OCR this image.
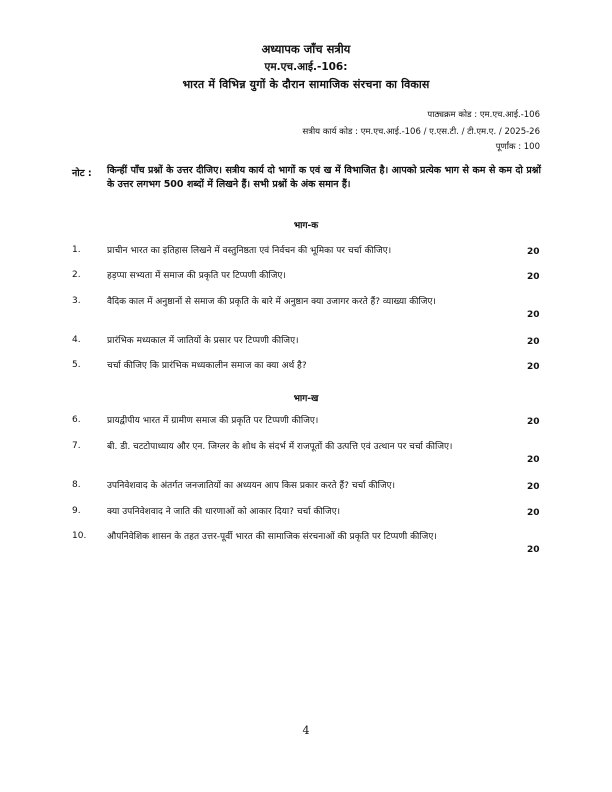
अध्यापक जाँच सत्रीय
एम.एच.आई.-106:
भारत में विभिन्न युगों के दौरान सामाजिक संरचना का विकास
पाठ्यक्रम कोड : एम.एच.आई.-106
सत्रीय कार्य कोड : एम.एच.आई.-106 / ए.एस.टी. / टी.एम.ए. / 2025-26
पूर्णांक : 100
नोट : किन्हीं पाँच प्रश्नों के उत्तर दीजिए। सत्रीय कार्य दो भागों क एवं ख में विभाजित है। आपको प्रत्येक भाग से कम से कम दो प्रश्नों के उत्तर लगभग 500 शब्दों में लिखने हैं। सभी प्रश्नों के अंक समान हैं।
भाग-क
1.	प्राचीन भारत का इतिहास लिखने में वस्तुनिष्ठता एवं निर्वचन की भूमिका पर चर्चा कीजिए।	20
2.	हड़प्पा सभ्यता में समाज की प्रकृति पर टिप्पणी कीजिए।	20
3.	वैदिक काल में अनुष्ठानों से समाज की प्रकृति के बारे में अनुष्ठान क्या उजागर करते हैं? व्याख्या कीजिए।
20
4.	प्रारंभिक मध्यकाल में जातियों के प्रसार पर टिप्पणी कीजिए।	20
5.	चर्चा कीजिए कि प्रारंभिक मध्यकालीन समाज का क्या अर्थ है?	20
भाग-ख
6.	प्रायद्वीपीय भारत में ग्रामीण समाज की प्रकृति पर टिप्पणी कीजिए।	20
7.	बी. डी. चटटोपाध्याय और एन. जिग्लर के शोध के संदर्भ में राजपूतों की उत्पत्ति एवं उत्थान पर चर्चा कीजिए।
20
8.	उपनिवेशवाद के अंतर्गत जनजातियों का अध्ययन आप किस प्रकार करते हैं? चर्चा कीजिए।	20
9.	क्या उपनिवेशवाद ने जाति की धारणाओं को आकार दिया? चर्चा कीजिए।	20
10. औपनिवेशिक शासन के तहत उत्तर-पूर्वी भारत की सामाजिक संरचनाओं की प्रकृति पर टिप्पणी कीजिए।
20
4
